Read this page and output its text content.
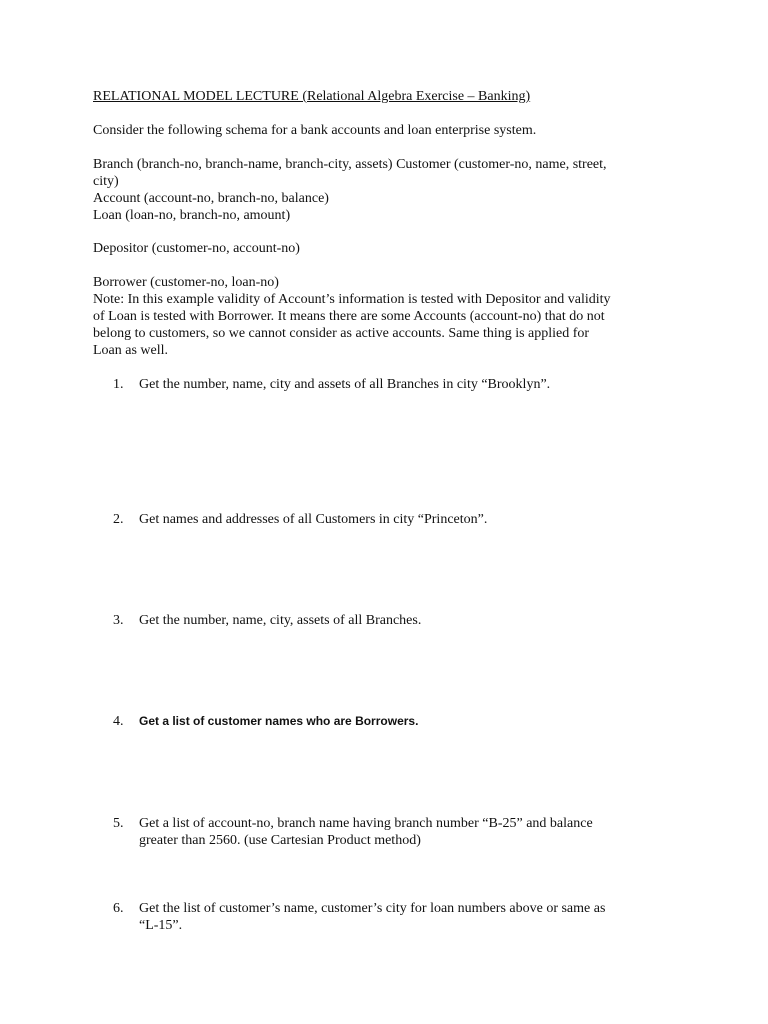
RELATIONAL MODEL LECTURE (Relational Algebra Exercise – Banking)
Consider the following schema for a bank accounts and loan enterprise system.
Branch (branch-no, branch-name, branch-city, assets) Customer (customer-no, name, street,
city)
Account (account-no, branch-no, balance)
Loan (loan-no, branch-no, amount)
Depositor (customer-no, account-no)
Borrower (customer-no, loan-no)
Note: In this example validity of Account’s information is tested with Depositor and validity
of Loan is tested with Borrower. It means there are some Accounts (account-no) that do not
belong to customers, so we cannot consider as active accounts. Same thing is applied for
Loan as well.
1. Get the number, name, city and assets of all Branches in city “Brooklyn”.
2. Get names and addresses of all Customers in city “Princeton”.
3. Get the number, name, city, assets of all Branches.
4. Get a list of customer names who are Borrowers.
5. Get a list of account-no, branch name having branch number “B-25” and balance
greater than 2560. (use Cartesian Product method)
6. Get the list of customer’s name, customer’s city for loan numbers above or same as
“L-15”.
